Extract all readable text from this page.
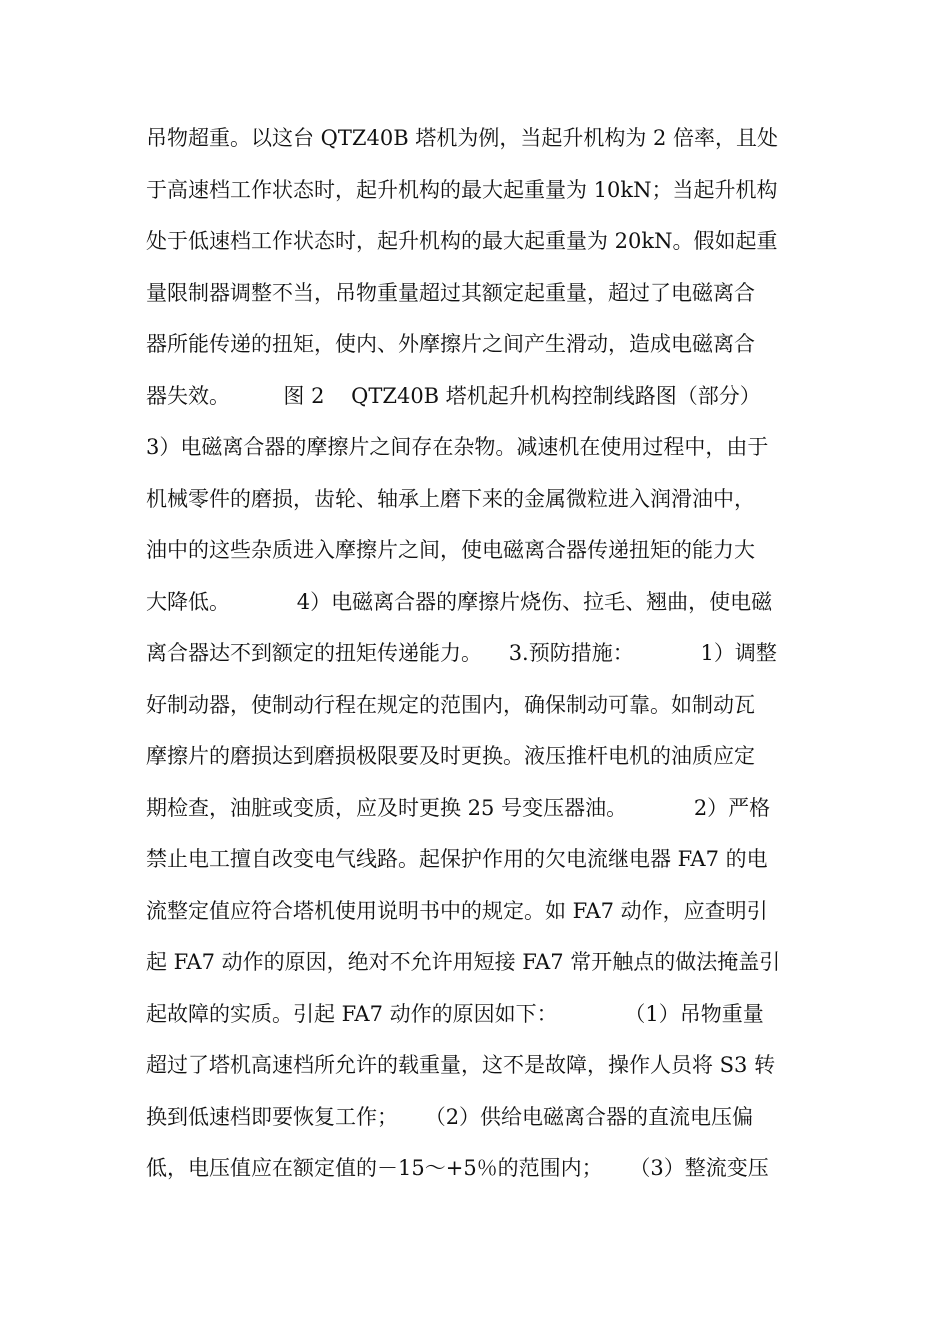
吊物超重。以这台 QTZ40B 塔机为例，当起升机构为 2 倍率，且处
于高速档工作状态时，起升机构的最大起重量为 10kN；当起升机构
处于低速档工作状态时，起升机构的最大起重量为 20kN。假如起重
量限制器调整不当，吊物重量超过其额定起重量，超过了电磁离合
器所能传递的扭矩，使内、外摩擦片之间产生滑动，造成电磁离合
器失效。        图 2    QTZ40B 塔机起升机构控制线路图（部分）
3）电磁离合器的摩擦片之间存在杂物。减速机在使用过程中，由于
机械零件的磨损，齿轮、轴承上磨下来的金属微粒进入润滑油中，
油中的这些杂质进入摩擦片之间，使电磁离合器传递扭矩的能力大
大降低。          4）电磁离合器的摩擦片烧伤、拉毛、翘曲，使电磁
离合器达不到额定的扭矩传递能力。    3.预防措施：          1）调整
好制动器，使制动行程在规定的范围内，确保制动可靠。如制动瓦
摩擦片的磨损达到磨损极限要及时更换。液压推杆电机的油质应定
期检查，油脏或变质，应及时更换 25 号变压器油。          2）严格
禁止电工擅自改变电气线路。起保护作用的欠电流继电器 FA7 的电
流整定值应符合塔机使用说明书中的规定。如 FA7 动作，应查明引
起 FA7 动作的原因，绝对不允许用短接 FA7 常开触点的做法掩盖引
起故障的实质。引起 FA7 动作的原因如下：          （1）吊物重量
超过了塔机高速档所允许的载重量，这不是故障，操作人员将 S3 转
换到低速档即要恢复工作；    （2）供给电磁离合器的直流电压偏
低，电压值应在额定值的－15～+5％的范围内；    （3）整流变压
